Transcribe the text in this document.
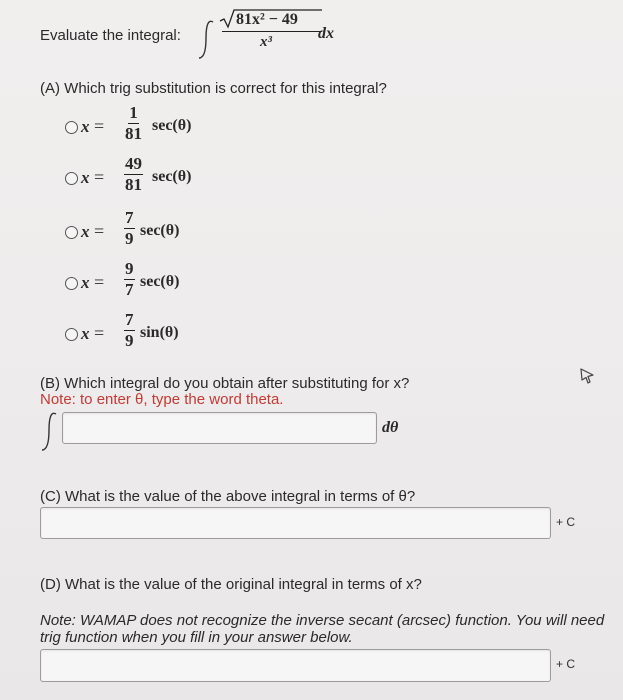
Evaluate the integral:
81x² − 49
x³	dx
(A) Which trig substitution is correct for this integral?
$x = \frac{1}{81} \sec(\theta)$
$x = \frac{49}{81} \sec(\theta)$
$x = \frac{7}{9} \sec(\theta)$
$x = \frac{9}{7} \sec(\theta)$
$x = \frac{7}{9} \sin(\theta)$
(B) Which integral do you obtain after substituting for x?
Note: to enter θ, type the word theta.
dθ
(C) What is the value of the above integral in terms of θ?
+ C
(D) What is the value of the original integral in terms of x?
Note: WAMAP does not recognize the inverse secant (arcsec) function. You will need
trig function when you fill in your answer below.
+ C
